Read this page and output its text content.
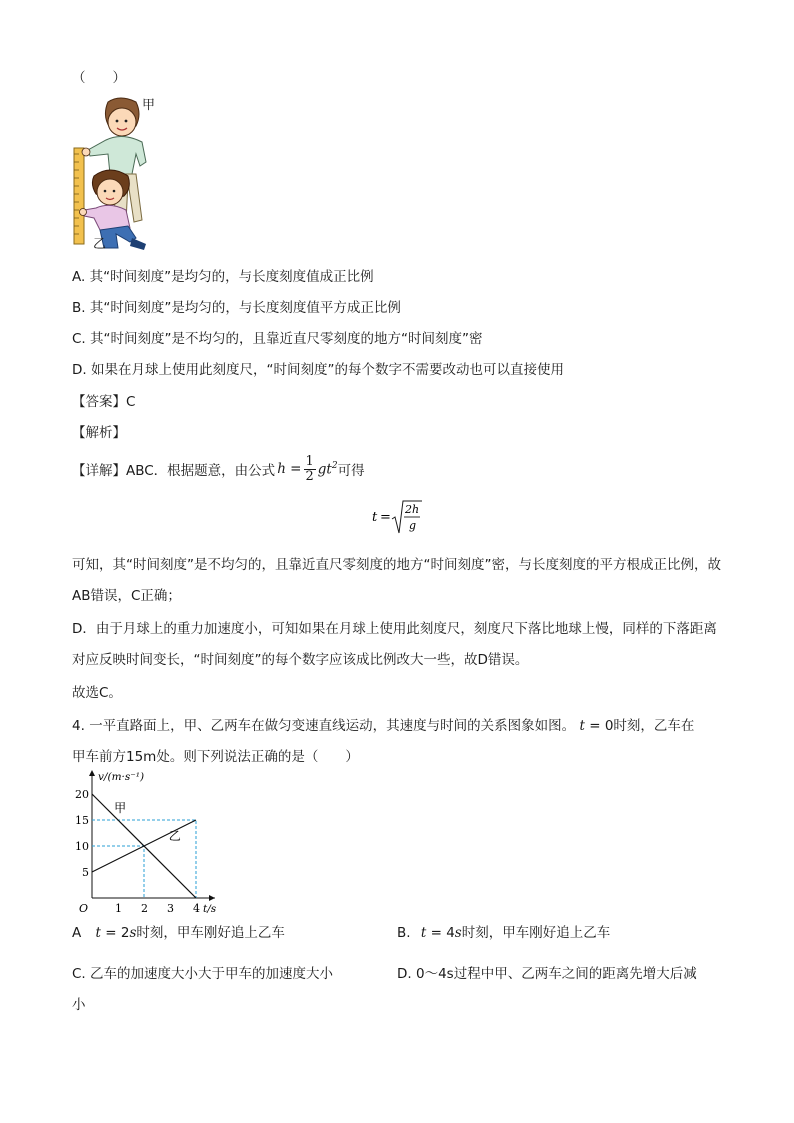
（　　）
甲
乙
A. 其“时间刻度”是均匀的，与长度刻度值成正比例
B. 其“时间刻度”是均匀的，与长度刻度值平方成正比例
C. 其“时间刻度”是不均匀的，且靠近直尺零刻度的地方“时间刻度”密
D. 如果在月球上使用此刻度尺，“时间刻度”的每个数字不需要改动也可以直接使用
【答案】C
【解析】
【详解】 ABC．根据题意，由公式 $h = \frac{1}{2} gt^2$ 可得
t =
2h
g
可知，其“时间刻度”是不均匀的，且靠近直尺零刻度的地方“时间刻度”密，与长度刻度的平方根成正比例，故AB错误，C正确；
D．由于月球上的重力加速度小，可知如果在月球上使用此刻度尺，刻度尺下落比地球上慢，同样的下落距离对应反映时间变长，“时间刻度”的每个数字应该成比例改大一些，故D错误。
故选C。
4. 一平直路面上，甲、乙两车在做匀变速直线运动，其速度与时间的关系图象如图。 t = 0时刻，乙车在
甲车前方15m处。则下列说法正确的是（　　）
甲
乙
1 2 3 4
5
10
15
20
O	t/s
v/(m·s⁻¹)
A t = 2s时刻，甲车刚好追上乙车	B. t = 4s时刻，甲车刚好追上乙车
C. 乙车的加速度大小大于甲车的加速度大小	D. 0～4s过程中甲、乙两车之间的距离先增大后减
小
